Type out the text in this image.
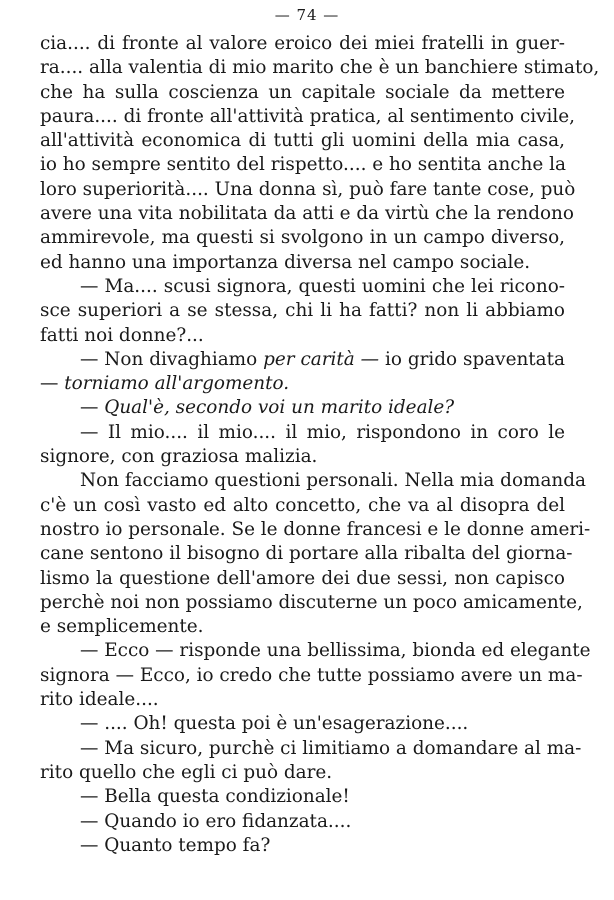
— 74 —
cia.... di fronte al valore eroico dei miei fratelli in guer-
ra.... alla valentia di mio marito che è un banchiere stimato,
che ha sulla coscienza un capitale sociale da mettere
paura.... di fronte all'attività pratica, al sentimento civile,
all'attività economica di tutti gli uomini della mia casa,
io ho sempre sentito del rispetto.... e ho sentita anche la
loro superiorità.... Una donna sì, può fare tante cose, può
avere una vita nobilitata da atti e da virtù che la rendono
ammirevole, ma questi si svolgono in un campo diverso,
ed hanno una importanza diversa nel campo sociale.
— Ma.... scusi signora, questi uomini che lei ricono-
sce superiori a se stessa, chi li ha fatti? non li abbiamo
fatti noi donne?...
— Non divaghiamo per carità — io grido spaventata
— torniamo all'argomento.
— Qual'è, secondo voi un marito ideale?
— Il mio.... il mio.... il mio, rispondono in coro le
signore, con graziosa malizia.
Non facciamo questioni personali. Nella mia domanda
c'è un così vasto ed alto concetto, che va al disopra del
nostro io personale. Se le donne francesi e le donne ameri-
cane sentono il bisogno di portare alla ribalta del giorna-
lismo la questione dell'amore dei due sessi, non capisco
perchè noi non possiamo discuterne un poco amicamente,
e semplicemente.
— Ecco — risponde una bellissima, bionda ed elegante
signora — Ecco, io credo che tutte possiamo avere un ma-
rito ideale....
— .... Oh! questa poi è un'esagerazione....
— Ma sicuro, purchè ci limitiamo a domandare al ma-
rito quello che egli ci può dare.
— Bella questa condizionale!
— Quando io ero fidanzata....
— Quanto tempo fa?
